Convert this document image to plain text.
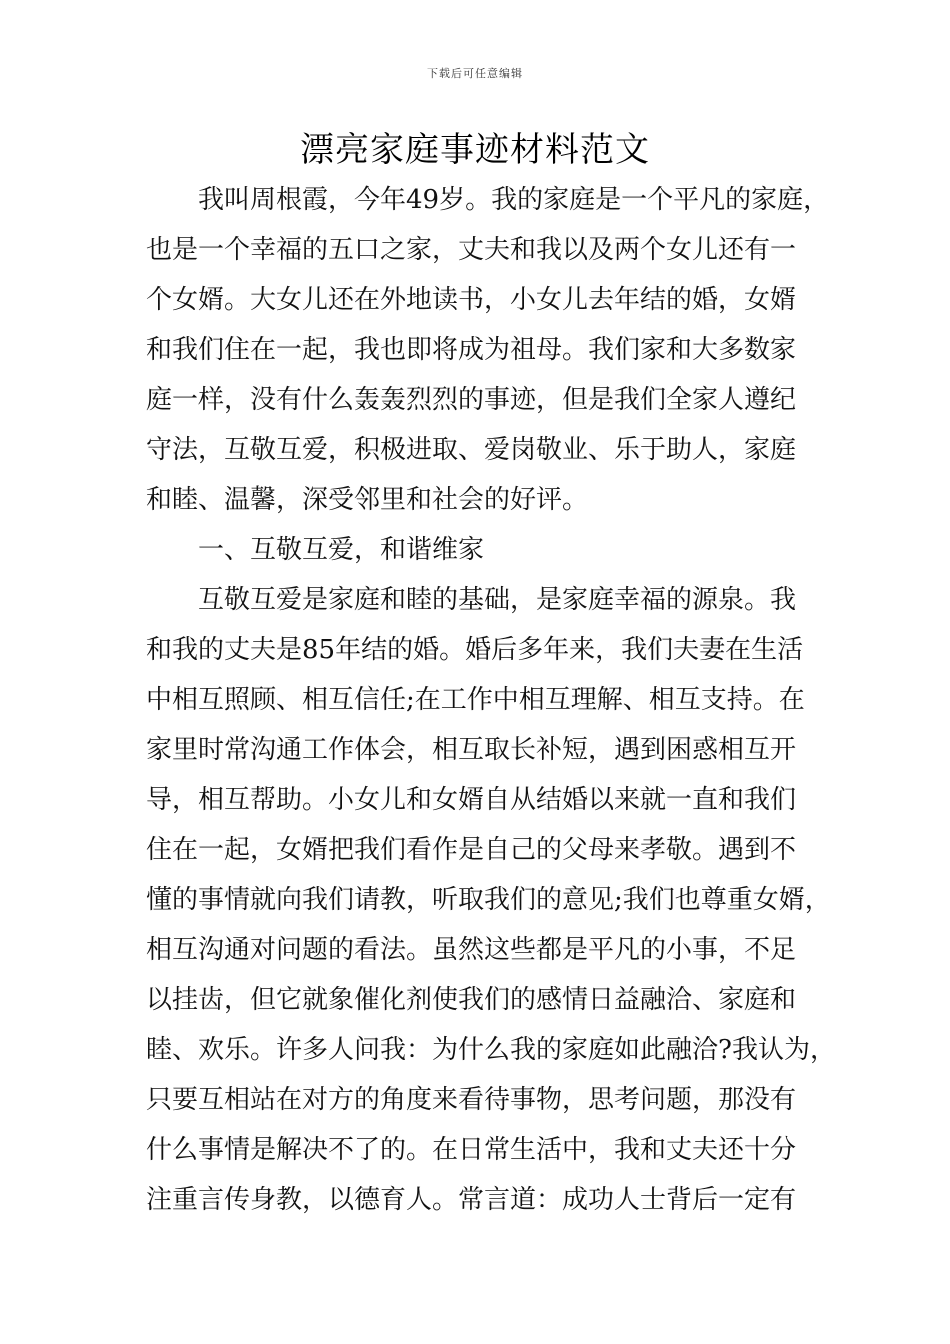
下载后可任意编辑
漂亮家庭事迹材料范文
我叫周根霞，今年49岁。我的家庭是一个平凡的家庭，
也是一个幸福的五口之家，丈夫和我以及两个女儿还有一
个女婿。大女儿还在外地读书，小女儿去年结的婚，女婿
和我们住在一起，我也即将成为祖母。我们家和大多数家
庭一样，没有什么轰轰烈烈的事迹，但是我们全家人遵纪
守法，互敬互爱，积极进取、爱岗敬业、乐于助人，家庭
和睦、温馨，深受邻里和社会的好评。
一、互敬互爱，和谐维家
互敬互爱是家庭和睦的基础，是家庭幸福的源泉。我
和我的丈夫是85年结的婚。婚后多年来，我们夫妻在生活
中相互照顾、相互信任;在工作中相互理解、相互支持。在
家里时常沟通工作体会，相互取长补短，遇到困惑相互开
导，相互帮助。小女儿和女婿自从结婚以来就一直和我们
住在一起，女婿把我们看作是自己的父母来孝敬。遇到不
懂的事情就向我们请教，听取我们的意见;我们也尊重女婿，
相互沟通对问题的看法。虽然这些都是平凡的小事，不足
以挂齿，但它就象催化剂使我们的感情日益融洽、家庭和
睦、欢乐。许多人问我：为什么我的家庭如此融洽?我认为，
只要互相站在对方的角度来看待事物，思考问题，那没有
什么事情是解决不了的。在日常生活中，我和丈夫还十分
注重言传身教，以德育人。常言道：成功人士背后一定有
